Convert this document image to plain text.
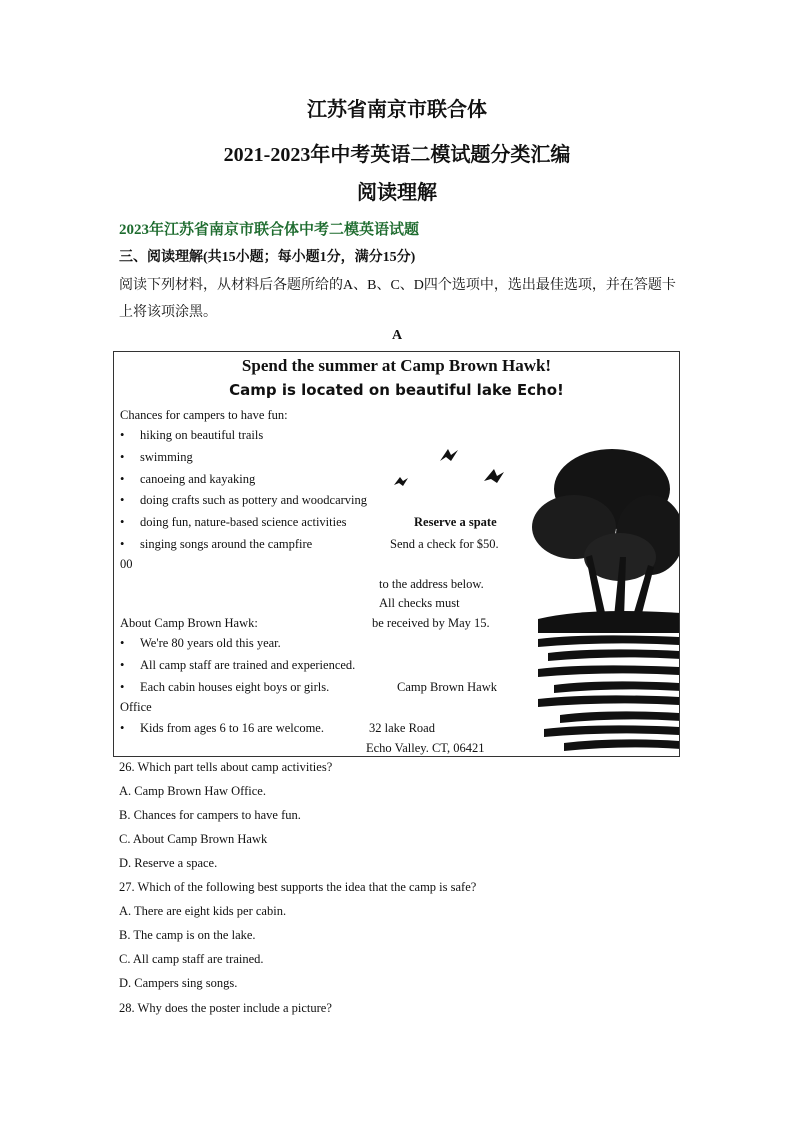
江苏省南京市联合体
2021-2023年中考英语二模试题分类汇编
阅读理解
2023年江苏省南京市联合体中考二模英语试题
三、阅读理解(共15小题；每小题1分，满分15分)
阅读下列材料，从材料后各题所给的A、B、C、D四个选项中，选出最佳选项，并在答题卡
上将该项涂黑。
A
Spend the summer at Camp Brown Hawk!
Camp is located on beautiful lake Echo!
Chances for campers to have fun:
• hiking on beautiful trails
• swimming
• canoeing and kayaking
• doing crafts such as pottery and woodcarving
• doing fun, nature-based science activities	Reserve a spate
• singing songs around the campfire	Send a check for $50.
00
to the address below.
All checks must
About Camp Brown Hawk:	be received by May 15.
• We're 80 years old this year.
• All camp staff are trained and experienced.
• Each cabin houses eight boys or girls.	Camp Brown Hawk
Office
• Kids from ages 6 to 16 are welcome.	32 lake Road
Echo Valley. CT, 06421
26. Which part tells about camp activities?
A. Camp Brown Haw Office.
B. Chances for campers to have fun.
C. About Camp Brown Hawk
D. Reserve a space.
27. Which of the following best supports the idea that the camp is safe?
A. There are eight kids per cabin.
B. The camp is on the lake.
C. All camp staff are trained.
D. Campers sing songs.
28. Why does the poster include a picture?
